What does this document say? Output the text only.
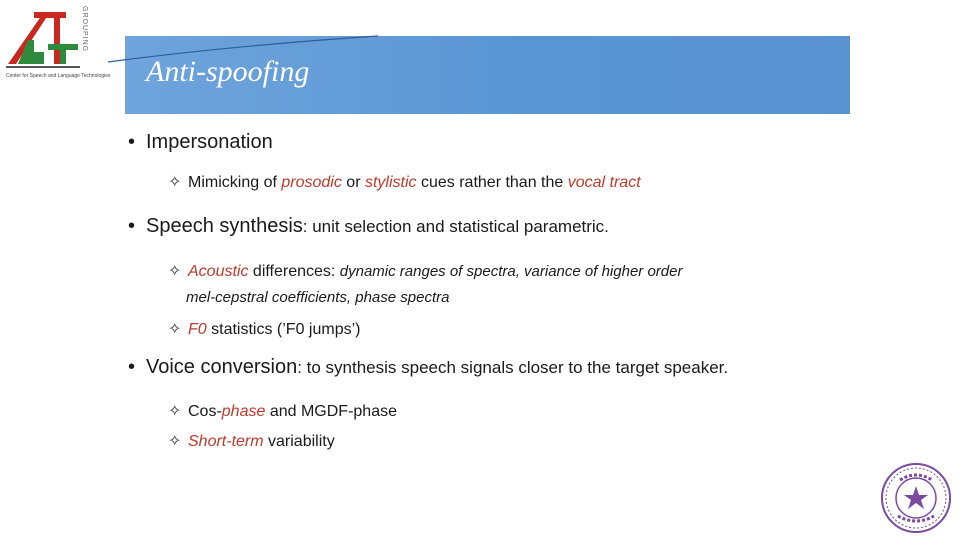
GROUPING
Center for Speech and Language Technologies Anti-spoofing
• Impersonation
✧ Mimicking of prosodic or stylistic cues rather than the vocal tract
• Speech synthesis: unit selection and statistical parametric.
✧ Acoustic differences: dynamic ranges of spectra, variance of higher order
mel-cepstral coefficients, phase spectra
✧ F0 statistics (’F0 jumps’)
• Voice conversion: to synthesis speech signals closer to the target speaker.
✧ Cos-phase and MGDF-phase
✧ Short-term variability
